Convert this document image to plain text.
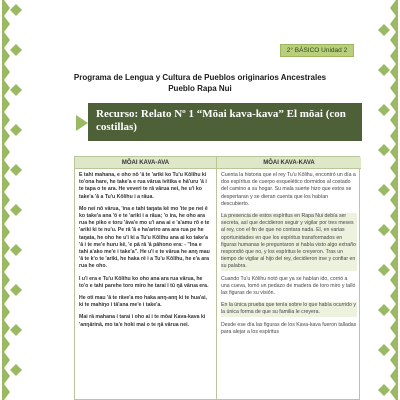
2° BÁSICO Unidad 2
Programa de Lengua y Cultura de Pueblos originarios Ancestrales
Pueblo Rapa Nui
Recurso: Relato Nº 1 “Mōai kava-kava” El mōai (con costillas)
MŌAI KAVA-AVA	MŌAI KAVA-KAVA

E tahi mahana, e oho nō 'ā te 'ariki ko Tu'u Kōlihu ki to'ona hare, he take'a e rua vārua ivitika e hā'uru 'ā i te tapa o te ara. He veveri te rā vārua nei, he u'i ko take'a 'ā a Tu'u Kōlihu i a rāua.

Mo nei nō vārua, 'ina e tahi taŋata kē mo 'ite pe nei ē ko take'a ana 'ō e te 'ariki i a rāua; 'o ira, he oho ara rua he piko e toru 'āva'e mo u'i ana ai e 'a'amu rō e te 'ariki ki te nu'u. Pe rā 'ā e ha'ariro ara ara rua pe he taŋata, he oho he u'i ki a Tu'u Kōlihu ana ai ko take'a 'ā i te me'e huru kē, 'e pā rā 'ā pāhono era: - "Ina e tahi a'ako me'e i take'a". He u'i e te vārua he anŋ mau 'ā te k'o te 'ariki, he haka rē i a Tu'u Kōlihu, he e'a ara rua he oho.

I u'i era e Tu'u Kōlihu ko oho ana ara rua vārua, he to'o e tahi parehe toro miro he tarai i tū ŋā vārua era.

He oti mau 'ā te rāve'a mo haka anŋ-anŋ ki te hua'ai, ki te mahiŋo i tā'ana me'e i take'a.

Mai rā mahana i tarai i oho ai i te mōai Kava-kava ki 'anŋārinā, mo ta'e hoki mai o te ŋā vārua nei.

Cuenta la historia que el rey Tu'u Kōlihu, encontró un día a dos espíritus de cuerpo esquelético dormidos al costado del camino a su hogar. Su mala suerte hizo que estos se despertaran y se dieran cuenta que los habían descubierto.

La presencia de estos espíritus en Rapa Nui debía ser secreta, así que decidieron seguir y vigilar por tres meses al rey, con el fin de que no contara nada. El, en varias oportunidades en que los espíritus transformados en figuras humanas le preguntaron si había visto algo extraño respondió que no, y los espíritus le creyeron. Tras un tiempo de vigilar al hijo del rey, decidieron irse y confiar en su palabra.

Cuando Tu'u Kōlihu notó que ya se habían ido, corrió a una cueva, tomó un pedazo de madera de toro miro y talló las figuras de su visión.

En la única prueba que tenía sobre lo que había ocurrido y la única forma de que su familia le creyera.

Desde ese día las figuras de los Kava-kava fueron talladas para alejar a los espíritus
